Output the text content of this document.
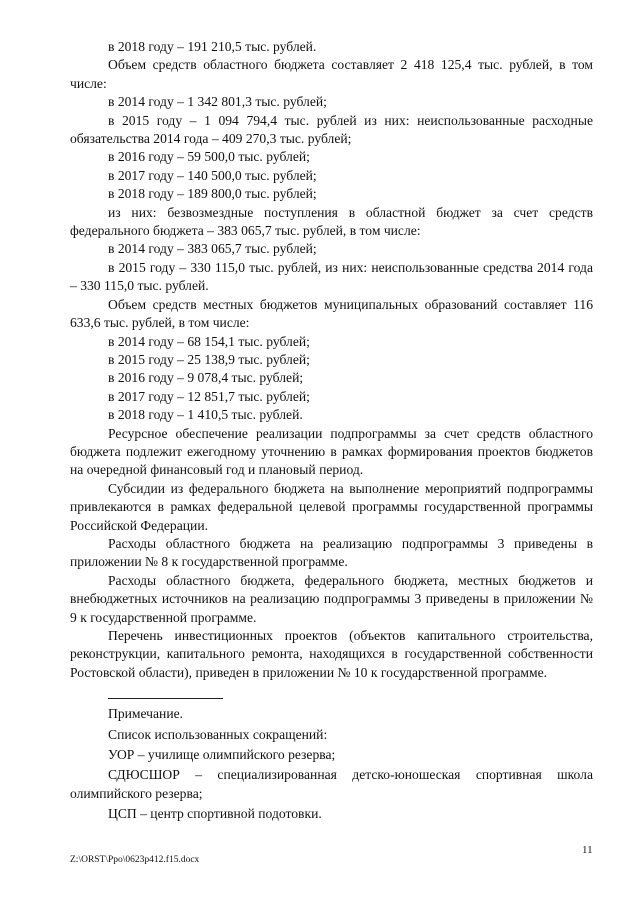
в 2018 году – 191 210,5 тыс. рублей.

Объем средств областного бюджета составляет 2 418 125,4 тыс. рублей, в том числе:

в 2014 году – 1 342 801,3 тыс. рублей;

в 2015 году – 1 094 794,4 тыс. рублей из них: неиспользованные расходные обязательства 2014 года – 409 270,3 тыс. рублей;

в 2016 году – 59 500,0 тыс. рублей;

в 2017 году – 140 500,0 тыс. рублей;

в 2018 году – 189 800,0 тыс. рублей;

из них: безвозмездные поступления в областной бюджет за счет средств федерального бюджета – 383 065,7 тыс. рублей, в том числе:

в 2014 году – 383 065,7 тыс. рублей;

в 2015 году – 330 115,0 тыс. рублей, из них: неиспользованные средства 2014 года – 330 115,0 тыс. рублей.

Объем средств местных бюджетов муниципальных образований составляет 116 633,6 тыс. рублей, в том числе:

в 2014 году – 68 154,1 тыс. рублей;

в 2015 году – 25 138,9 тыс. рублей;

в 2016 году – 9 078,4 тыс. рублей;

в 2017 году – 12 851,7 тыс. рублей;

в 2018 году – 1 410,5 тыс. рублей.

Ресурсное обеспечение реализации подпрограммы за счет средств областного бюджета подлежит ежегодному уточнению в рамках формирования проектов бюджетов на очередной финансовый год и плановый период.

Субсидии из федерального бюджета на выполнение мероприятий подпрограммы привлекаются в рамках федеральной целевой программы государственной программы Российской Федерации.

Расходы областного бюджета на реализацию подпрограммы 3 приведены в приложении № 8 к государственной программе.

Расходы областного бюджета, федерального бюджета, местных бюджетов и внебюджетных источников на реализацию подпрограммы 3 приведены в приложении № 9 к государственной программе.

Перечень инвестиционных проектов (объектов капитального строительства, реконструкции, капитального ремонта, находящихся в государственной собственности Ростовской области), приведен в приложении № 10 к государственной программе.

Примечание.

Список использованных сокращений:

УОР – училище олимпийского резерва;

СДЮСШОР – специализированная детско-юношеская спортивная школа олимпийского резерва;

ЦСП – центр спортивной подотовки.

11
Z:\ORST\Ppo\0623p412.f15.docx
